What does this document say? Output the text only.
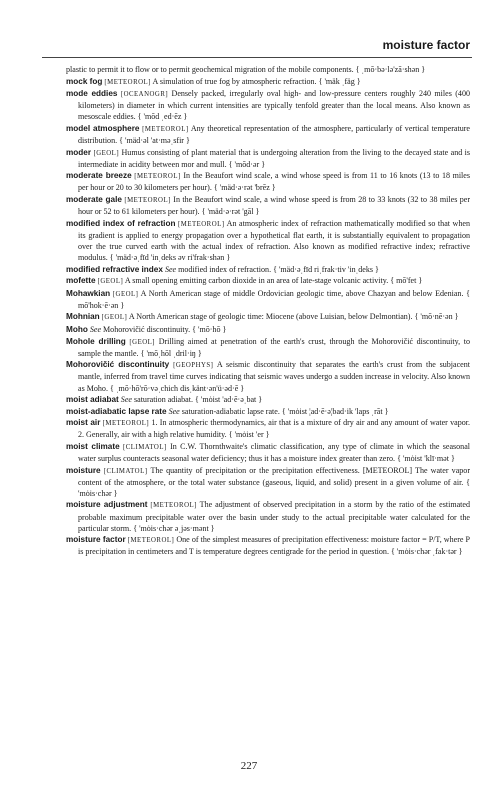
moisture factor

plastic to permit it to flow or to permit geochemical migration of the mobile components. { ˌmō·bə·lə'zā·shən }

mock fog [METEOROL] A simulation of true fog by atmospheric refraction. { 'mäk ˌfäg }

mode eddies [OCEANOGR] Densely packed, irregularly oval high- and low-pressure centers roughly 240 miles (400 kilometers) in diameter in which current intensities are typically tenfold greater than the local means. Also known as mesoscale eddies. { 'mōd ˌed·ēz }

model atmosphere [METEOROL] Any theoretical representation of the atmosphere, particularly of vertical temperature distribution. { 'mäd·əl 'at·məˌsfir }

moder [GEOL] Humus consisting of plant material that is undergoing alteration from the living to the decayed state and is intermediate in acidity between mor and mull. { 'mōd·ər }

moderate breeze [METEOROL] In the Beaufort wind scale, a wind whose speed is from 11 to 16 knots (13 to 18 miles per hour or 20 to 30 kilometers per hour). { 'mäd·ə·rət 'brēz }

moderate gale [METEOROL] In the Beaufort wind scale, a wind whose speed is from 28 to 33 knots (32 to 38 miles per hour or 52 to 61 kilometers per hour). { 'mäd·ə·rət 'gāl }

modified index of refraction [METEOROL] An atmospheric index of refraction mathematically modified so that when its gradient is applied to energy propagation over a hypothetical flat earth, it is substantially equivalent to propagation over the true curved earth with the actual index of refraction. Also known as modified refractive index; refractive modulus. { 'mäd·əˌfīd 'inˌdeks əv ri'frak·shən }

modified refractive index See modified index of refraction. { 'mäd·əˌfīd riˌfrak·tiv 'inˌdeks }

mofette [GEOL] A small opening emitting carbon dioxide in an area of late-stage volcanic activity. { mō'fet }

Mohawkian [GEOL] A North American stage of middle Ordovician geologic time, above Chazyan and below Edenian. { mō'hok·ē·ən }

Mohnian [GEOL] A North American stage of geologic time: Miocene (above Luisian, below Delmontian). { 'mō·nē·ən }

Moho See Mohorovičić discontinuity. { 'mō·hō }

Mohole drilling [GEOL] Drilling aimed at penetration of the earth's crust, through the Mohorovičić discontinuity, to sample the mantle. { 'mōˌhōl ˌdril·iŋ }

Mohorovičić discontinuity [GEOPHYS] A seismic discontinuity that separates the earth's crust from the subjacent mantle, inferred from travel time curves indicating that seismic waves undergo a sudden increase in velocity. Also known as Moho. { ˌmō·hō'rō·vəˌchich disˌkänt·ən'ü·əd·ē }

moist adiabat See saturation adiabat. { 'mȯist 'ad·ē·əˌbat }

moist-adiabatic lapse rate See saturation-adiabatic lapse rate. { 'mȯist ¦ad·ē·ə¦bad·ik 'laps ˌrāt }

moist air [METEOROL] 1. In atmospheric thermodynamics, air that is a mixture of dry air and any amount of water vapor. 2. Generally, air with a high relative humidity. { 'mȯist 'er }

moist climate [CLIMATOL] In C.W. Thornthwaite's climatic classification, any type of climate in which the seasonal water surplus counteracts seasonal water deficiency; thus it has a moisture index greater than zero. { 'mȯist 'klī·mət }

moisture [CLIMATOL] The quantity of precipitation or the precipitation effectiveness. [METEOROL] The water vapor content of the atmosphere, or the total water substance (gaseous, liquid, and solid) present in a given volume of air. { 'mȯis·chər }

moisture adjustment [METEOROL] The adjustment of observed precipitation in a storm by the ratio of the estimated probable maximum precipitable water over the basin under study to the actual precipitable water calculated for the particular storm. { 'mȯis·chər əˌjəs·mənt }

moisture factor [METEOROL] One of the simplest measures of precipitation effectiveness: moisture factor = P/T, where P is precipitation in centimeters and T is temperature degrees centigrade for the period in question. { 'mȯis·chər ˌfak·tər }

227
